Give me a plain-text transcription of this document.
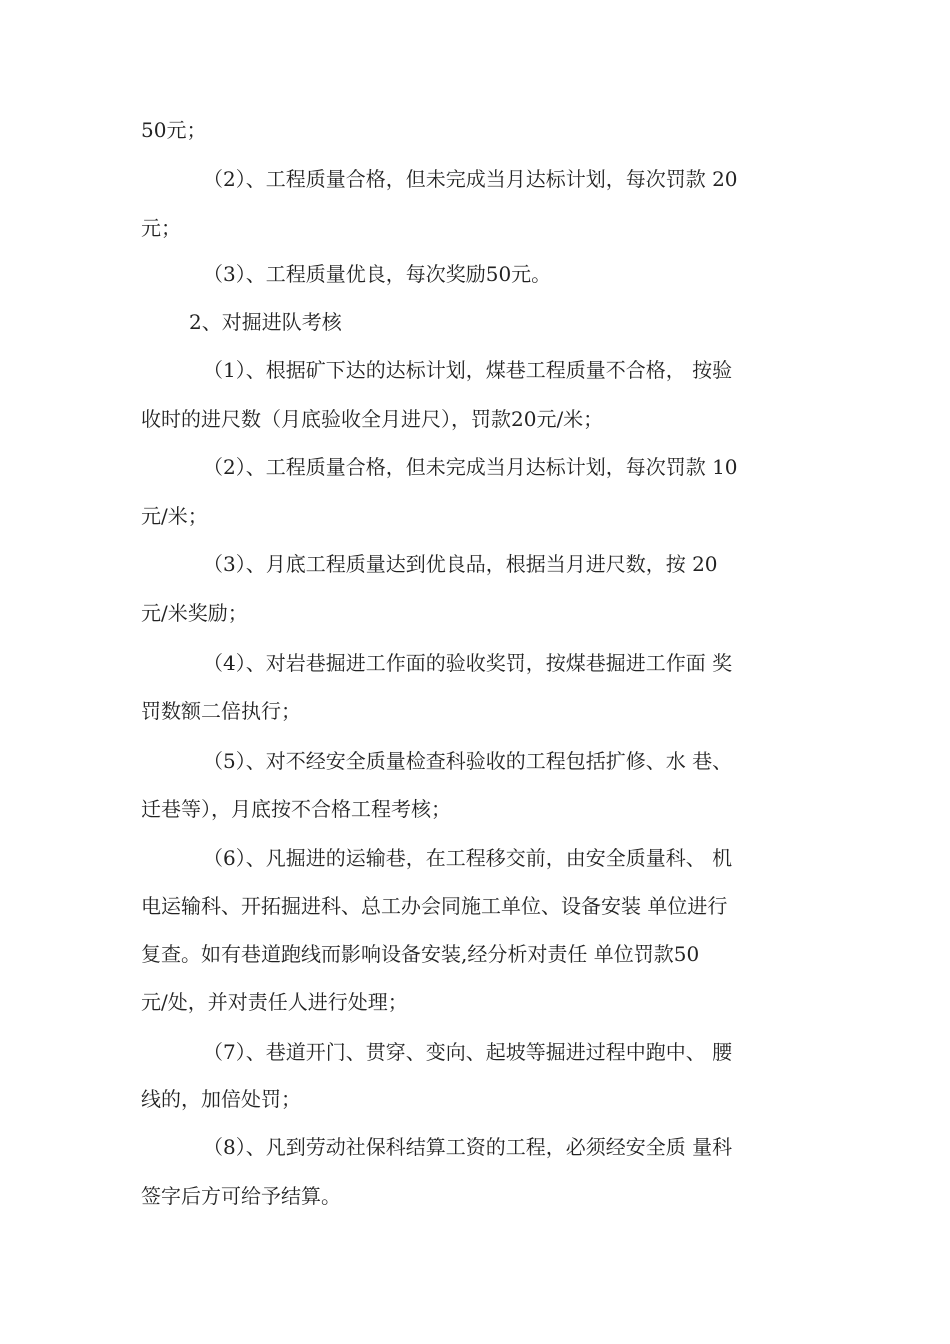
50元；
（2）、工程质量合格，但未完成当月达标计划，每次罚款 20
元；
（3）、工程质量优良，每次奖励50元。
2、对掘进队考核
（1）、根据矿下达的达标计划，煤巷工程质量不合格， 按验
收时的进尺数（月底验收全月进尺），罚款20元/米；
（2）、工程质量合格，但未完成当月达标计划，每次罚款 10
元/米；
（3）、月底工程质量达到优良品，根据当月进尺数，按 20
元/米奖励；
（4）、对岩巷掘进工作面的验收奖罚，按煤巷掘进工作面 奖
罚数额二倍执行；
（5）、对不经安全质量检查科验收的工程包括扩修、水 巷、
迁巷等），月底按不合格工程考核；
（6）、凡掘进的运输巷，在工程移交前，由安全质量科、 机
电运输科、开拓掘进科、总工办会同施工单位、设备安装 单位进行
复查。如有巷道跑线而影响设备安装,经分析对责任 单位罚款50
元/处，并对责任人进行处理；
（7）、巷道开门、贯穿、变向、起坡等掘进过程中跑中、 腰
线的，加倍处罚；
（8）、凡到劳动社保科结算工资的工程，必须经安全质 量科
签字后方可给予结算。
